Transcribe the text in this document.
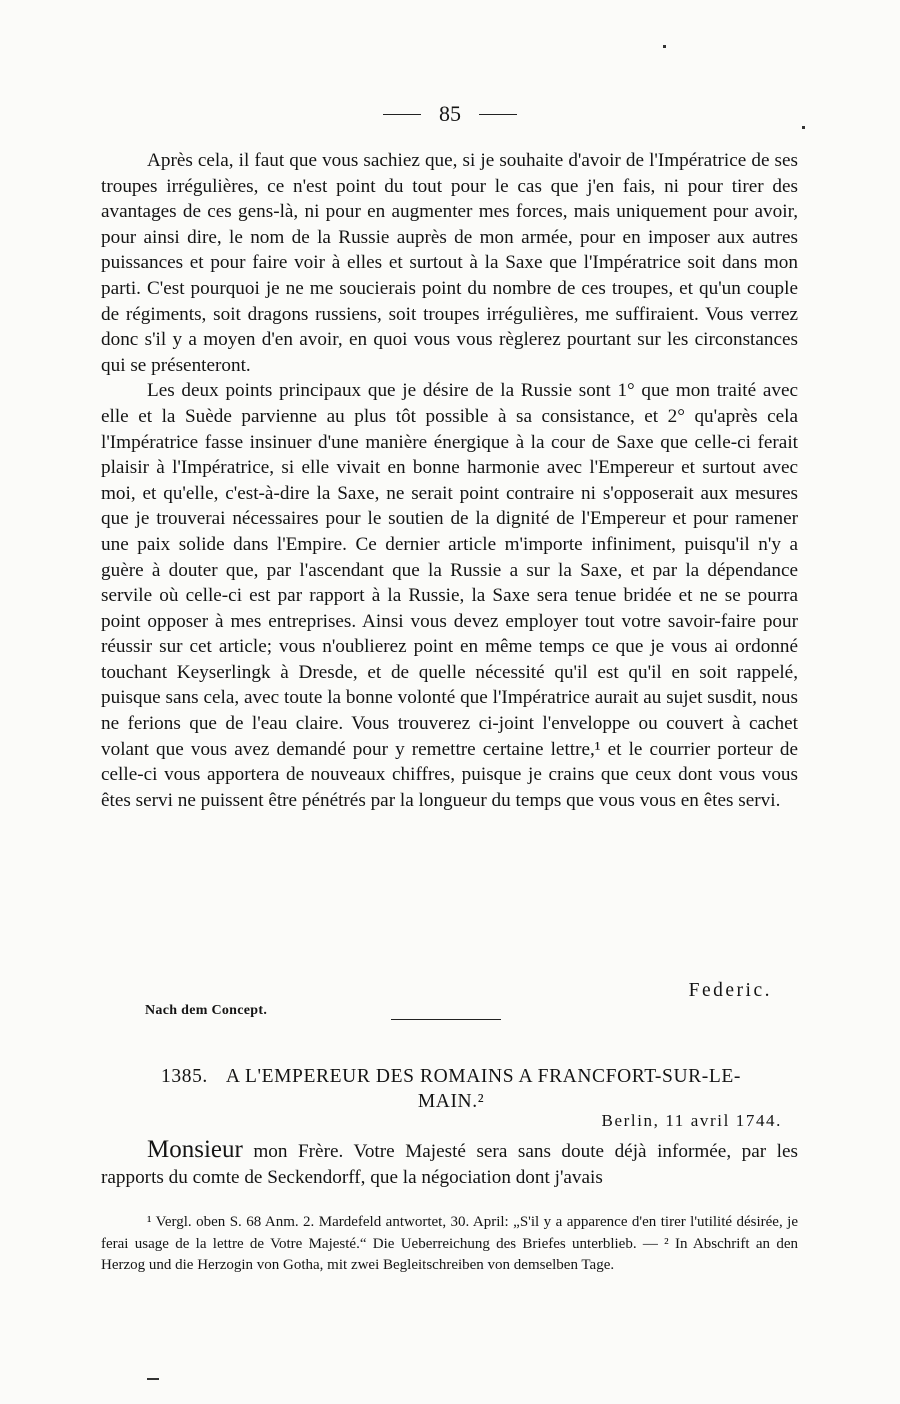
85

Après cela, il faut que vous sachiez que, si je souhaite d'avoir de l'Impératrice de ses troupes irrégulières, ce n'est point du tout pour le cas que j'en fais, ni pour tirer des avantages de ces gens-là, ni pour en augmenter mes forces, mais uniquement pour avoir, pour ainsi dire, le nom de la Russie auprès de mon armée, pour en imposer aux autres puissances et pour faire voir à elles et surtout à la Saxe que l'Impératrice soit dans mon parti. C'est pourquoi je ne me soucierais point du nombre de ces troupes, et qu'un couple de régiments, soit dragons russiens, soit troupes irrégulières, me suffiraient. Vous verrez donc s'il y a moyen d'en avoir, en quoi vous vous règlerez pourtant sur les circonstances qui se présenteront.

Les deux points principaux que je désire de la Russie sont 1° que mon traité avec elle et la Suède parvienne au plus tôt possible à sa consistance, et 2° qu'après cela l'Impératrice fasse insinuer d'une manière énergique à la cour de Saxe que celle-ci ferait plaisir à l'Impératrice, si elle vivait en bonne harmonie avec l'Empereur et surtout avec moi, et qu'elle, c'est-à-dire la Saxe, ne serait point contraire ni s'opposerait aux mesures que je trouverai nécessaires pour le soutien de la dignité de l'Empereur et pour ramener une paix solide dans l'Empire. Ce dernier article m'importe infiniment, puisqu'il n'y a guère à douter que, par l'ascendant que la Russie a sur la Saxe, et par la dépendance servile où celle-ci est par rapport à la Russie, la Saxe sera tenue bridée et ne se pourra point opposer à mes entreprises. Ainsi vous devez employer tout votre savoir-faire pour réussir sur cet article; vous n'oublierez point en même temps ce que je vous ai ordonné touchant Keyserlingk à Dresde, et de quelle nécessité qu'il est qu'il en soit rappelé, puisque sans cela, avec toute la bonne volonté que l'Impératrice aurait au sujet susdit, nous ne ferions que de l'eau claire. Vous trouverez ci-joint l'enveloppe ou couvert à cachet volant que vous avez demandé pour y remettre certaine lettre,¹ et le courrier porteur de celle-ci vous apportera de nouveaux chiffres, puisque je crains que ceux dont vous vous êtes servi ne puissent être pénétrés par la longueur du temps que vous vous en êtes servi.

Federic.
Nach dem Concept.
1385. A L'EMPEREUR DES ROMAINS A FRANCFORT-SUR-LE-MAIN.²
Berlin, 11 avril 1744.

Monsieur mon Frère. Votre Majesté sera sans doute déjà informée, par les rapports du comte de Seckendorff, que la négociation dont j'avais

¹ Vergl. oben S. 68 Anm. 2. Mardefeld antwortet, 30. April: „S'il y a apparence d'en tirer l'utilité désirée, je ferai usage de la lettre de Votre Majesté.“ Die Ueberreichung des Briefes unterblieb. — ² In Abschrift an den Herzog und die Herzogin von Gotha, mit zwei Begleitschreiben von demselben Tage.
